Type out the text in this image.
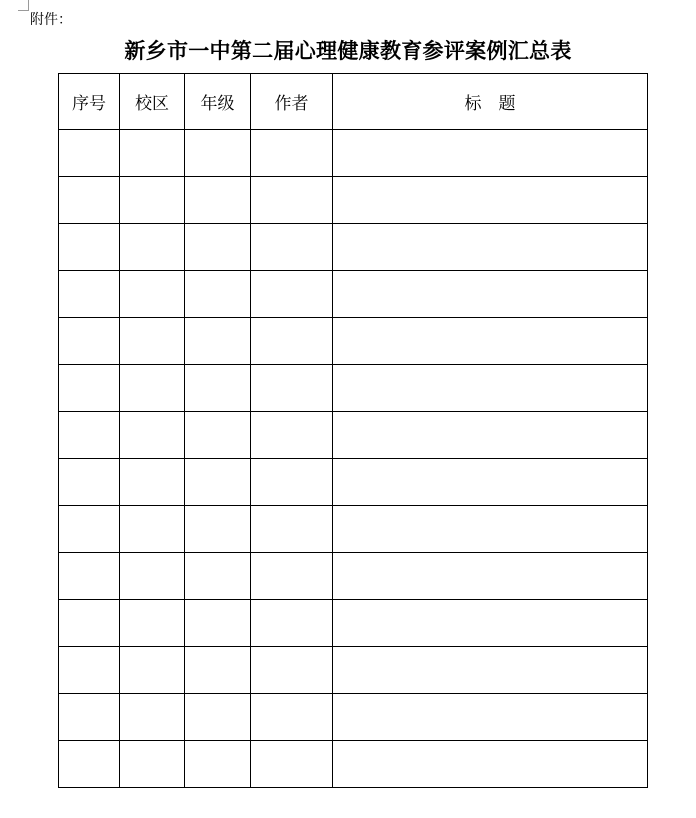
附件：
新乡市一中第二届心理健康教育参评案例汇总表
序号	校区	年级	作者	标　题
